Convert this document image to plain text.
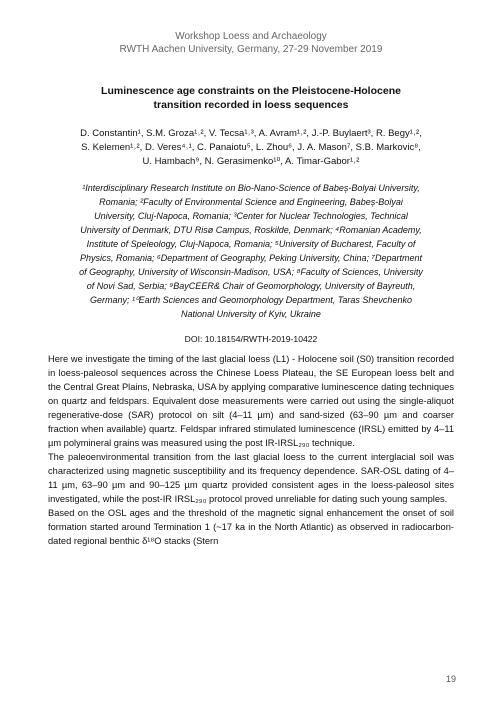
Workshop Loess and Archaeology
RWTH Aachen University, Germany, 27-29 November 2019
Luminescence age constraints on the Pleistocene-Holocene
transition recorded in loess sequences
D. Constantin¹, S.M. Groza¹˒², V. Tecsa¹˒³, A. Avram¹˒², J.-P. Buylaert³, R. Begy¹˒²,
S. Kelemen¹˒², D. Veres⁴˒¹, C. Panaiotu⁵, L. Zhou⁶, J. A. Mason⁷, S.B. Markovic⁸,
U. Hambach⁹, N. Gerasimenko¹⁰, A. Timar-Gabor¹˒²
¹Interdisciplinary Research Institute on Bio-Nano-Science of Babeș-Bolyai University,
Romania; ²Faculty of Environmental Science and Engineering, Babeș-Bolyai
University, Cluj-Napoca, Romania; ³Center for Nuclear Technologies, Technical
University of Denmark, DTU Risø Campus, Roskilde, Denmark; ⁴Romanian Academy,
Institute of Speleology, Cluj-Napoca, Romania; ⁵University of Bucharest, Faculty of
Physics, Romania; ⁶Department of Geography, Peking University, China; ⁷Department
of Geography, University of Wisconsin-Madison, USA; ⁸Faculty of Sciences, University
of Novi Sad, Serbia; ⁹BayCEER& Chair of Geomorphology, University of Bayreuth,
Germany; ¹⁰Earth Sciences and Geomorphology Department, Taras Shevchenko
National University of Kyiv, Ukraine
DOI: 10.18154/RWTH-2019-10422

Here we investigate the timing of the last glacial loess (L1) - Holocene soil (S0) transition recorded in loess-paleosol sequences across the Chinese Loess Plateau, the SE European loess belt and the Central Great Plains, Nebraska, USA by applying comparative luminescence dating techniques on quartz and feldspars. Equivalent dose measurements were carried out using the single-aliquot regenerative-dose (SAR) protocol on silt (4–11 µm) and sand-sized (63–90 µm and coarser fraction when available) quartz. Feldspar infrared stimulated luminescence (IRSL) emitted by 4–11 µm polymineral grains was measured using the post IR-IRSL₂₉₀ technique.

The paleoenvironmental transition from the last glacial loess to the current interglacial soil was characterized using magnetic susceptibility and its frequency dependence. SAR-OSL dating of 4–11 µm, 63–90 µm and 90–125 µm quartz provided consistent ages in the loess-paleosol sites investigated, while the post-IR IRSL₂₉₀ protocol proved unreliable for dating such young samples.

Based on the OSL ages and the threshold of the magnetic signal enhancement the onset of soil formation started around Termination 1 (~17 ka in the North Atlantic) as observed in radiocarbon-dated regional benthic δ¹⁸O stacks (Stern

19
